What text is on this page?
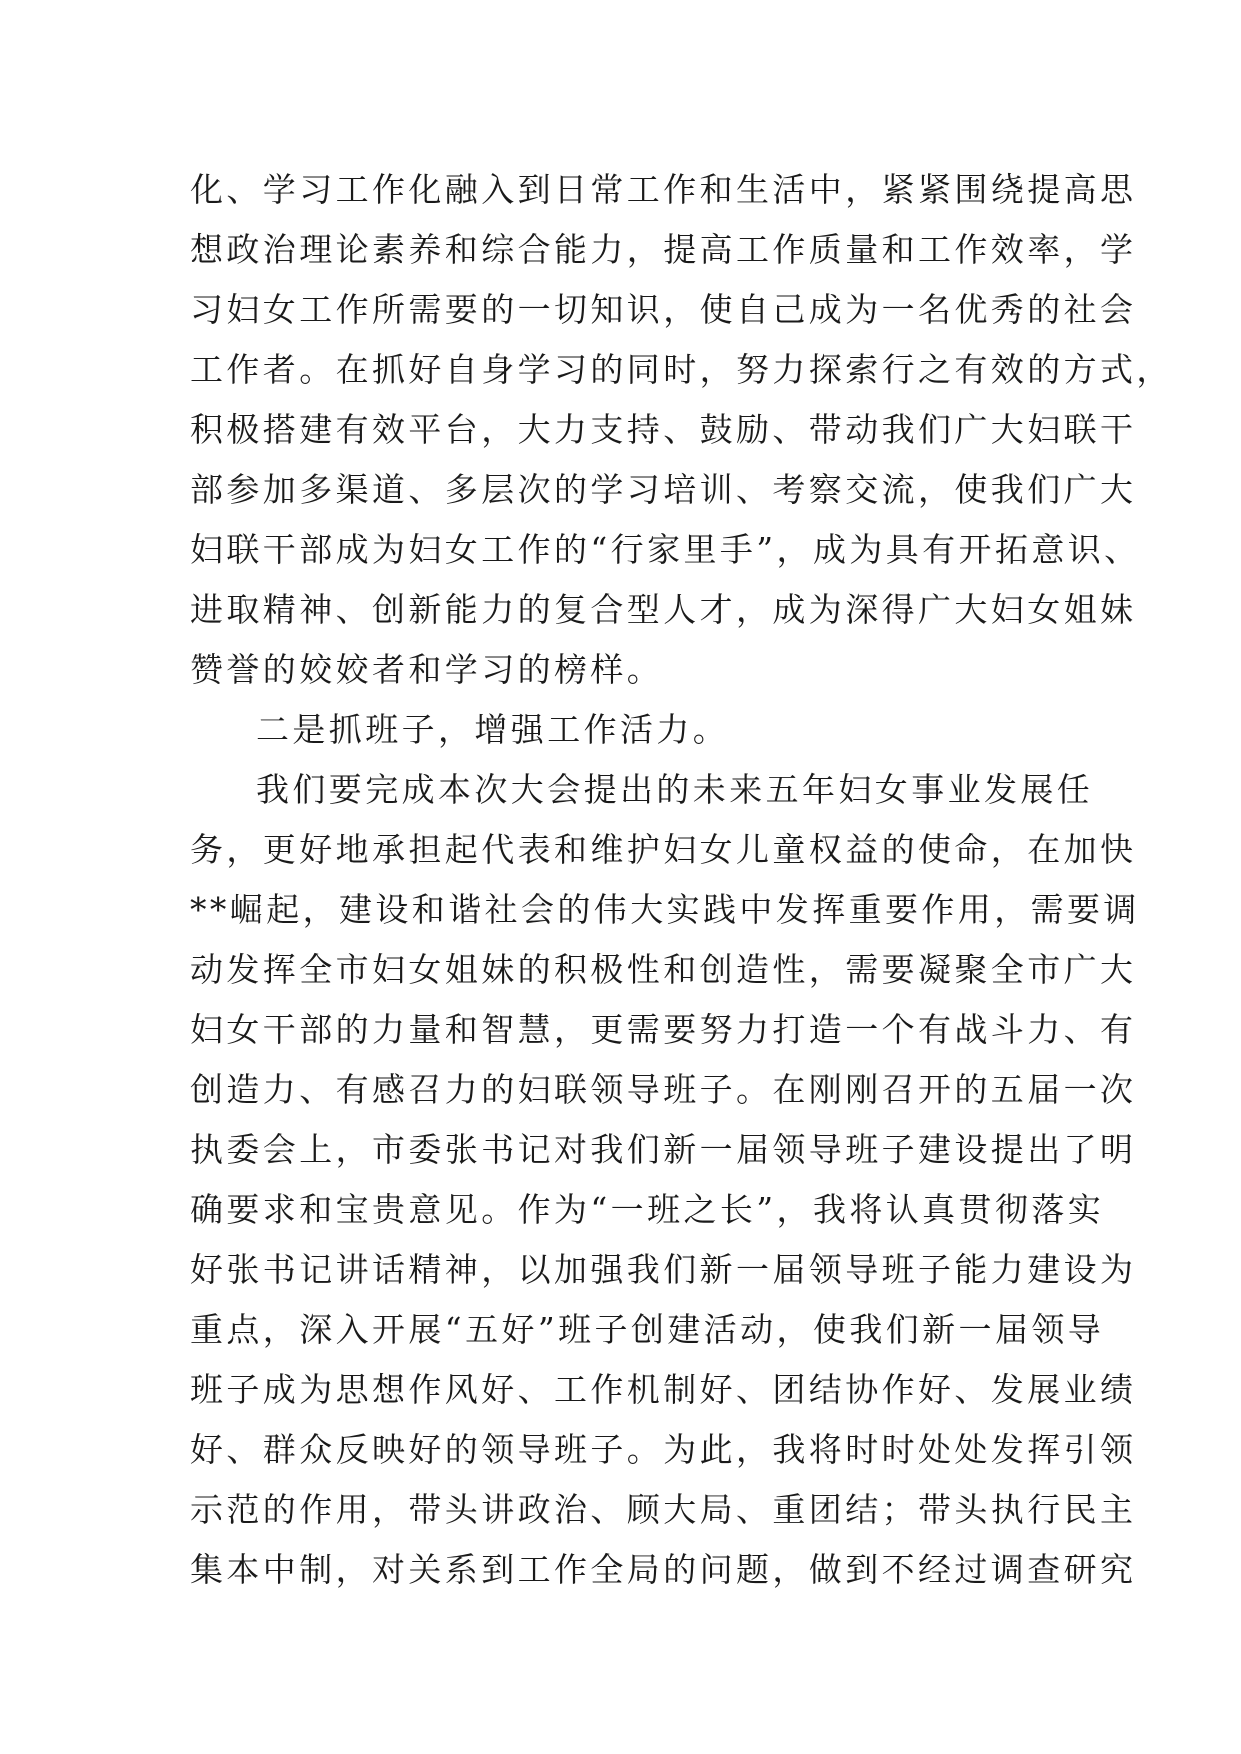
化、学习工作化融入到日常工作和生活中，紧紧围绕提高思
想政治理论素养和综合能力，提高工作质量和工作效率，学
习妇女工作所需要的一切知识，使自己成为一名优秀的社会
工作者。在抓好自身学习的同时，努力探索行之有效的方式，
积极搭建有效平台，大力支持、鼓励、带动我们广大妇联干
部参加多渠道、多层次的学习培训、考察交流，使我们广大
妇联干部成为妇女工作的“行家里手”，成为具有开拓意识、
进取精神、创新能力的复合型人才，成为深得广大妇女姐妹
赞誉的姣姣者和学习的榜样。
二是抓班子，增强工作活力。
我们要完成本次大会提出的未来五年妇女事业发展任
务，更好地承担起代表和维护妇女儿童权益的使命，在加快
**崛起，建设和谐社会的伟大实践中发挥重要作用，需要调
动发挥全市妇女姐妹的积极性和创造性，需要凝聚全市广大
妇女干部的力量和智慧，更需要努力打造一个有战斗力、有
创造力、有感召力的妇联领导班子。在刚刚召开的五届一次
执委会上，市委张书记对我们新一届领导班子建设提出了明
确要求和宝贵意见。作为“一班之长”，我将认真贯彻落实
好张书记讲话精神，以加强我们新一届领导班子能力建设为
重点，深入开展“五好”班子创建活动，使我们新一届领导
班子成为思想作风好、工作机制好、团结协作好、发展业绩
好、群众反映好的领导班子。为此，我将时时处处发挥引领
示范的作用，带头讲政治、顾大局、重团结；带头执行民主
集本中制，对关系到工作全局的问题，做到不经过调查研究
